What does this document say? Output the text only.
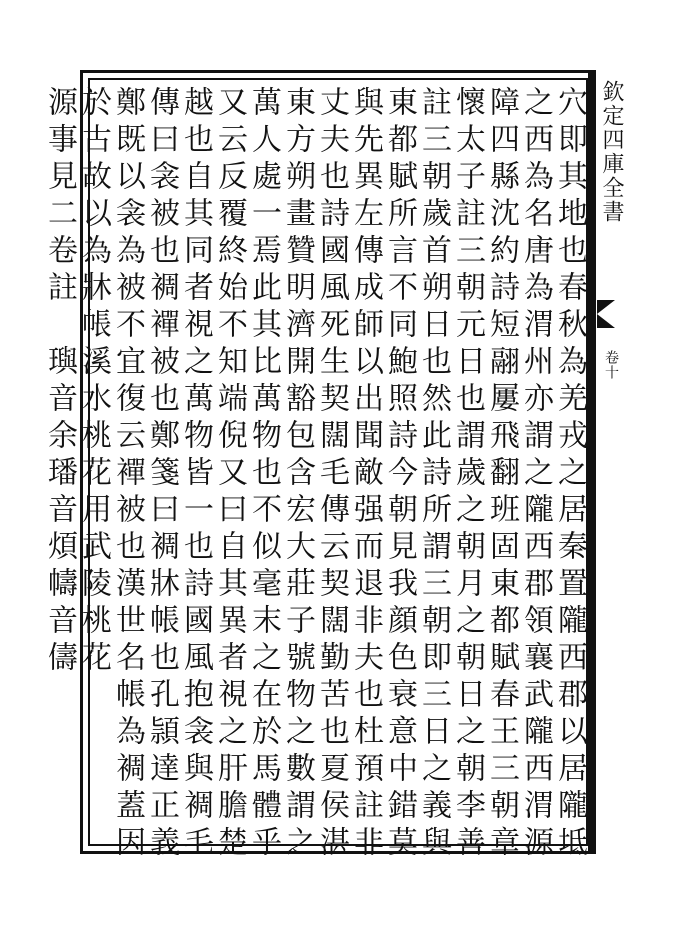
欽定四庫全書
卷十
穴即其地也春秋為羌戎之居秦置隴西郡以居隴坻
之西為名唐為渭州亦謂之隴西郡領襄武隴西渭源
障四縣沈約詩短翮屢飛翻班固東都賦春王三朝章
懷太子註三朝元日也謂歲之朝月之朝日之朝李善
註三朝歲首朔日也然此詩所謂三朝即三日之義與
東都賦所言不同鮑照詩今朝見我顔色衰意中錯莫
與先異左傳成師以出聞敵强而退非夫也杜預註非
丈夫也詩國風死生契闊毛傳云契闊勤苦也夏侯湛
東方朔畫贊明濟開豁包含宏大莊子號物之數謂之
萬人處一焉此其比萬物也不似毫末之在於馬體乎
又云反覆終始不知端倪又曰自其異者視之肝膽楚
越也自其同者視之萬物皆一也詩國風抱衾與裯毛
傳曰衾被也裯襌被也鄭箋曰裯牀帳也孔頴達正義
鄭既以衾為被不宜復云襌被也漢世名帳為裯蓋因
於古故以為牀帳溪水桃花用武陵桃花
源事見二卷註　璵音余璠音煩幬音儔
